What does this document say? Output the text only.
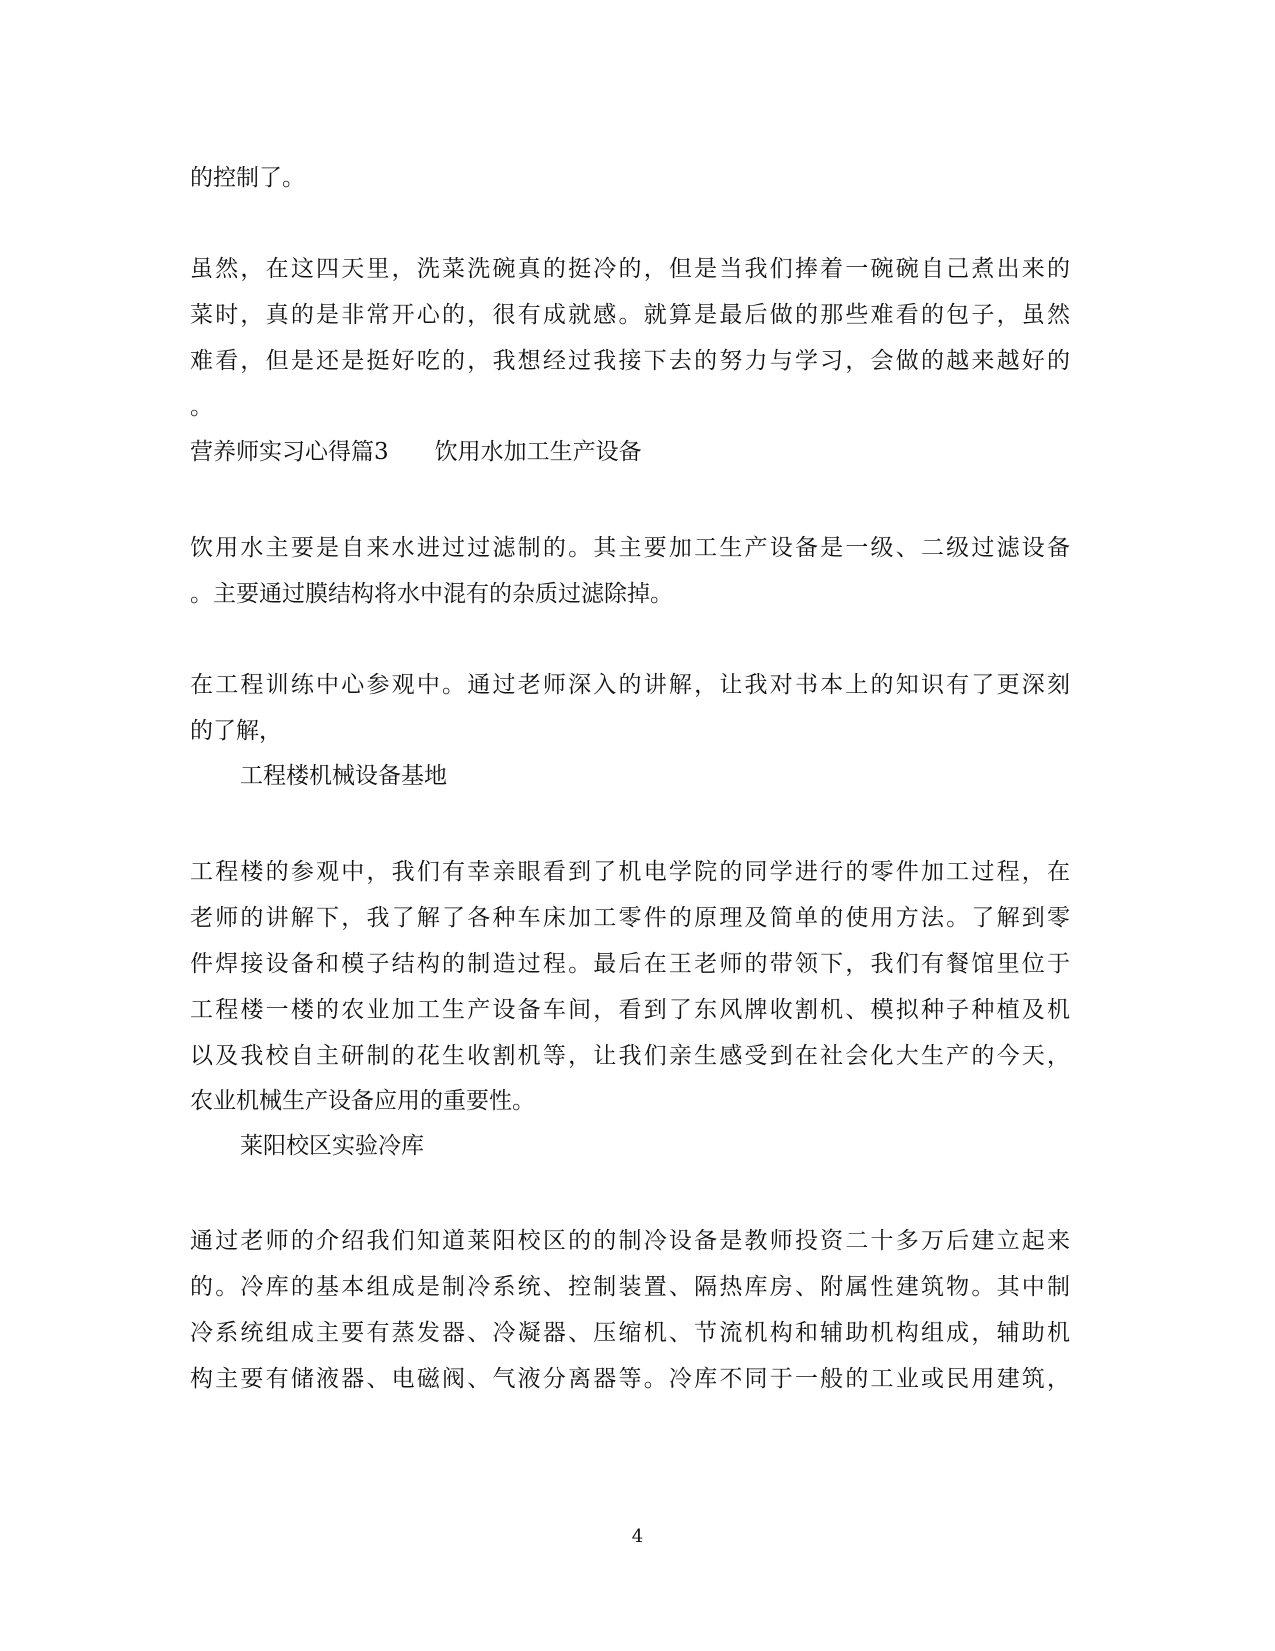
的控制了。
虽然，在这四天里，洗菜洗碗真的挺冷的，但是当我们捧着一碗碗自己煮出来的
菜时，真的是非常开心的，很有成就感。就算是最后做的那些难看的包子，虽然
难看，但是还是挺好吃的，我想经过我接下去的努力与学习，会做的越来越好的
。
营养师实习心得篇3　　饮用水加工生产设备
饮用水主要是自来水进过过滤制的。其主要加工生产设备是一级、二级过滤设备
。主要通过膜结构将水中混有的杂质过滤除掉。
在工程训练中心参观中。通过老师深入的讲解，让我对书本上的知识有了更深刻
的了解，
工程楼机械设备基地
工程楼的参观中，我们有幸亲眼看到了机电学院的同学进行的零件加工过程，在
老师的讲解下，我了解了各种车床加工零件的原理及简单的使用方法。了解到零
件焊接设备和模子结构的制造过程。最后在王老师的带领下，我们有餐馆里位于
工程楼一楼的农业加工生产设备车间，看到了东风牌收割机、模拟种子种植及机
以及我校自主研制的花生收割机等，让我们亲生感受到在社会化大生产的今天，
农业机械生产设备应用的重要性。
莱阳校区实验冷库
通过老师的介绍我们知道莱阳校区的的制冷设备是教师投资二十多万后建立起来
的。冷库的基本组成是制冷系统、控制装置、隔热库房、附属性建筑物。其中制
冷系统组成主要有蒸发器、冷凝器、压缩机、节流机构和辅助机构组成，辅助机
构主要有储液器、电磁阀、气液分离器等。冷库不同于一般的工业或民用建筑，
4
